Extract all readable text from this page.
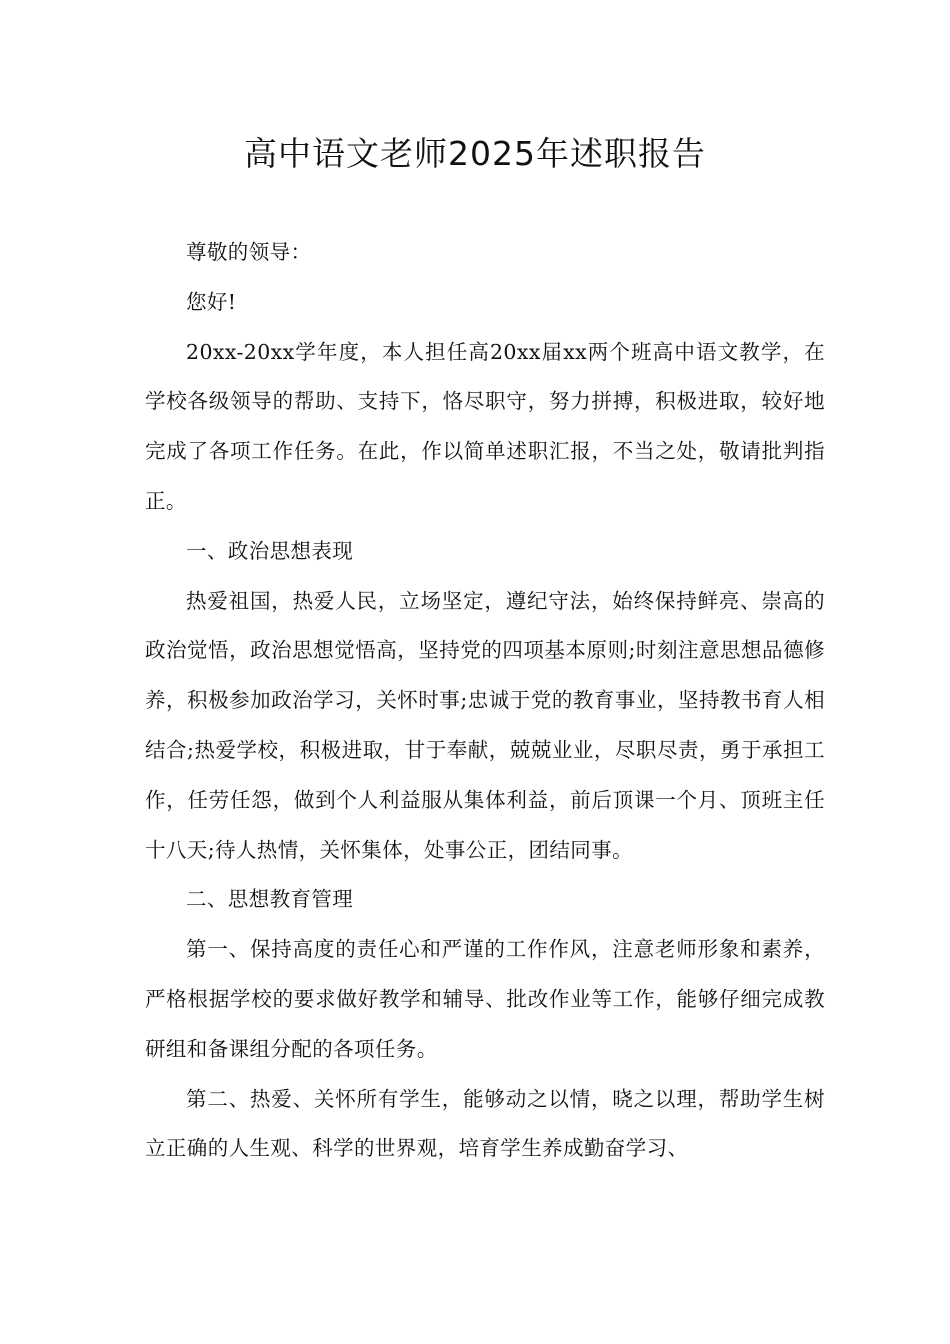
高中语文老师2025年述职报告

尊敬的领导：

您好!

20xx-20xx学年度，本人担任高20xx届xx两个班高中语文教学，在学校各级领导的帮助、支持下，恪尽职守，努力拼搏，积极进取，较好地完成了各项工作任务。在此，作以简单述职汇报，不当之处，敬请批判指正。

一、政治思想表现

热爱祖国，热爱人民，立场坚定，遵纪守法，始终保持鲜亮、崇高的政治觉悟，政治思想觉悟高，坚持党的四项基本原则;时刻注意思想品德修养，积极参加政治学习，关怀时事;忠诚于党的教育事业，坚持教书育人相结合;热爱学校，积极进取，甘于奉献，兢兢业业，尽职尽责，勇于承担工作，任劳任怨，做到个人利益服从集体利益，前后顶课一个月、顶班主任十八天;待人热情，关怀集体，处事公正，团结同事。

二、思想教育管理

第一、保持高度的责任心和严谨的工作作风，注意老师形象和素养，严格根据学校的要求做好教学和辅导、批改作业等工作，能够仔细完成教研组和备课组分配的各项任务。

第二、热爱、关怀所有学生，能够动之以情，晓之以理，帮助学生树立正确的人生观、科学的世界观，培育学生养成勤奋学习、
